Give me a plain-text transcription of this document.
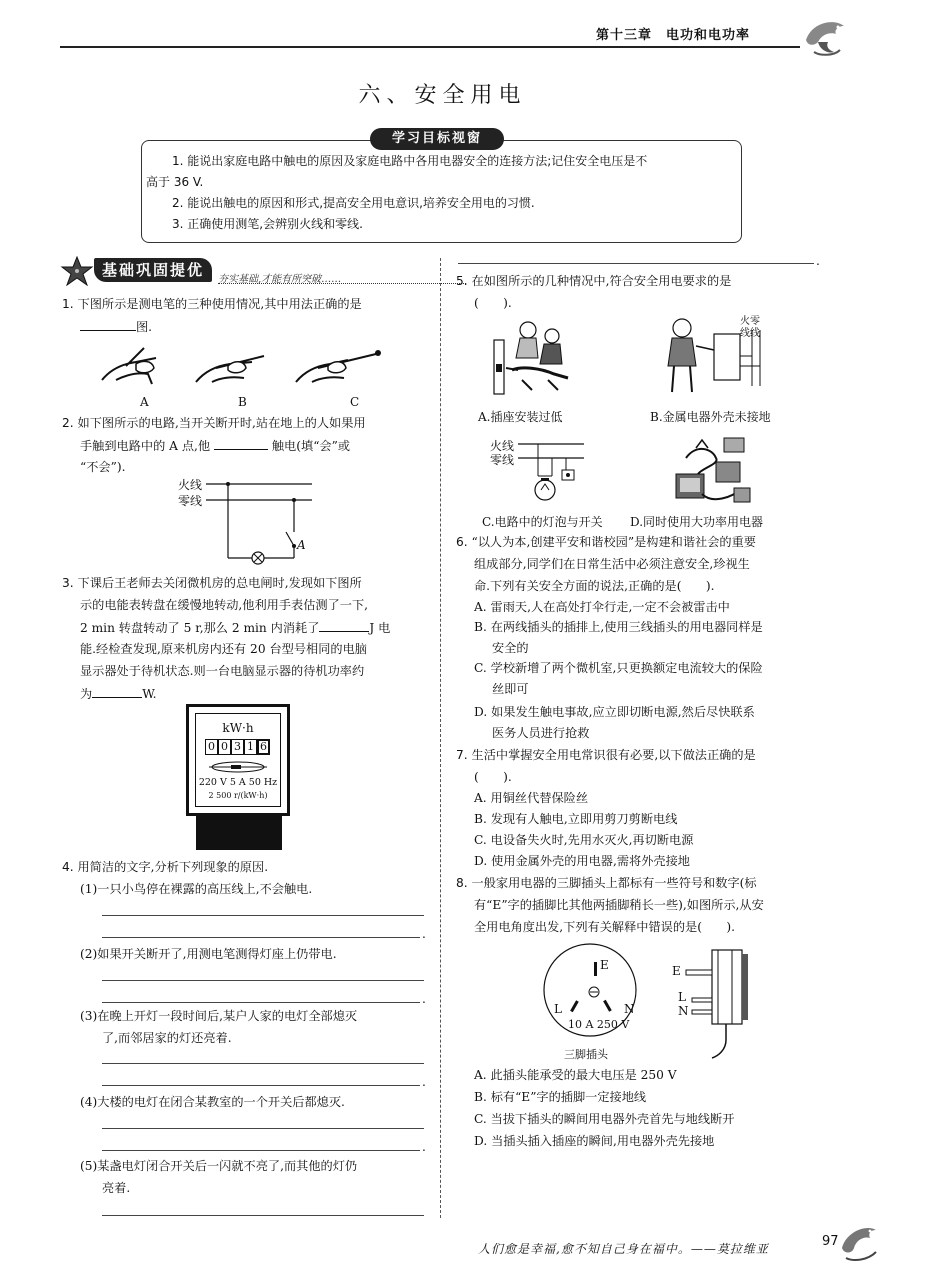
第十三章　电功和电功率
六、安全用电
学习目标视窗
1. 能说出家庭电路中触电的原因及家庭电路中各用电器安全的连接方法;记住安全电压是不
高于 36 V.
2. 能说出触电的原因和形式,提高安全用电意识,培养安全用电的习惯.
3. 正确使用测笔,会辨别火线和零线.
基础巩固提优
夯实基础,才能有所突破……
1. 下图所示是测电笔的三种使用情况,其中用法正确的是
图.
A	B	C
2. 如下图所示的电路,当开关断开时,站在地上的人如果用
手触到电路中的 A 点,他	触电(填“会”或
“不会”).
火线
零线
A
3. 下课后王老师去关闭微机房的总电闸时,发现如下图所
示的电能表转盘在缓慢地转动,他利用手表估测了一下,
2 min 转盘转动了 5 r,那么 2 min 内消耗了	J 电
能.经检查发现,原来机房内还有 20 台型号相同的电脑
显示器处于待机状态.则一台电脑显示器的待机功率约
为	W.
kW·h
0 0 3 1 6
220 V 5 A 50 Hz
2 500 r/(kW·h)
4. 用简洁的文字,分析下列现象的原因.
(1)一只小鸟停在裸露的高压线上,不会触电.
.
(2)如果开关断开了,用测电笔测得灯座上仍带电.
.
(3)在晚上开灯一段时间后,某户人家的电灯全部熄灭
了,而邻居家的灯还亮着.
.
(4)大楼的电灯在闭合某教室的一个开关后都熄灭.
.
(5)某盏电灯闭合开关后一闪就不亮了,而其他的灯仍
亮着.
.
5. 在如图所示的几种情况中,符合安全用电要求的是
(　　).
A.插座安装过低
火零
线线
B.金属电器外壳未接地
火线
零线
C.电路中的灯泡与开关 D.同时使用大功率用电器
6. “以人为本,创建平安和谐校园”是构建和谐社会的重要
组成部分,同学们在日常生活中必须注意安全,珍视生
命.下列有关安全方面的说法,正确的是(　　).
A. 雷雨天,人在高处打伞行走,一定不会被雷击中
B. 在两线插头的插排上,使用三线插头的用电器同样是
安全的
C. 学校新增了两个微机室,只更换额定电流较大的保险
丝即可
D. 如果发生触电事故,应立即切断电源,然后尽快联系
医务人员进行抢救
7. 生活中掌握安全用电常识很有必要,以下做法正确的是
(　　).
A. 用铜丝代替保险丝
B. 发现有人触电,立即用剪刀剪断电线
C. 电设备失火时,先用水灭火,再切断电源
D. 使用金属外壳的用电器,需将外壳接地
8. 一般家用电器的三脚插头上都标有一些符号和数字(标
有“E”字的插脚比其他两插脚稍长一些),如图所示,从安
全用电角度出发,下列有关解释中错误的是(　　).
E
L	N
10 A 250 V
E
L
N
三脚插头
A. 此插头能承受的最大电压是 250 V
B. 标有“E”字的插脚一定接地线
C. 当拔下插头的瞬间用电器外壳首先与地线断开
D. 当插头插入插座的瞬间,用电器外壳先接地
人们愈是幸福,愈不知自己身在福中。——莫拉维亚	97
